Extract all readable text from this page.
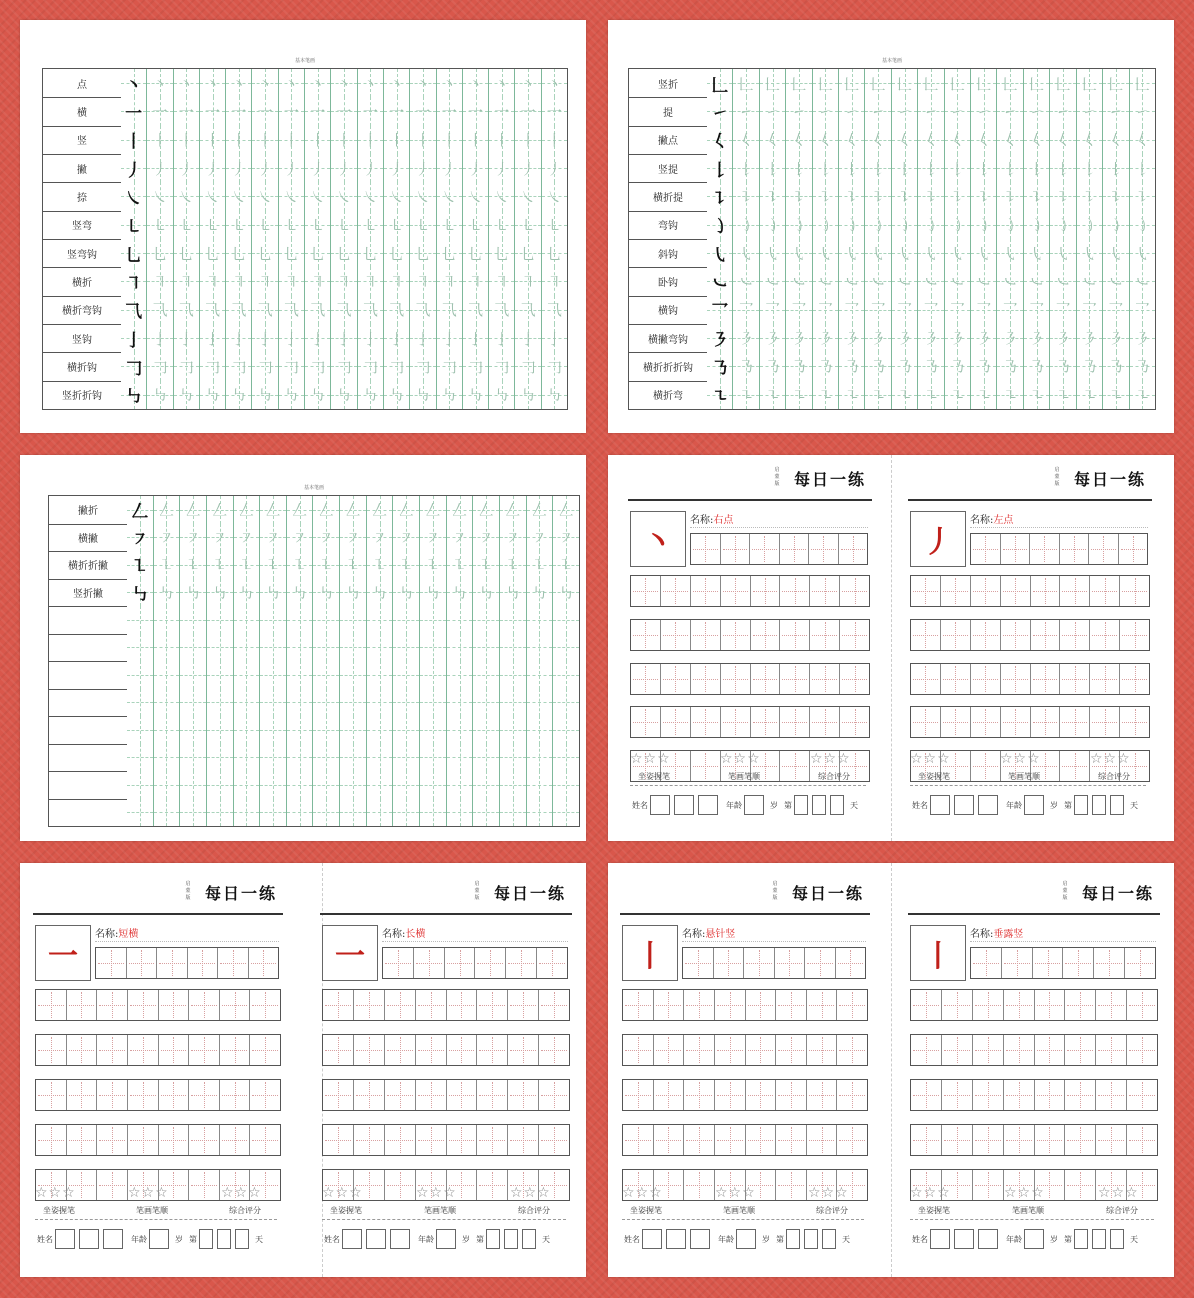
基本笔画
点	丶 丶 丶 丶 丶 丶 丶 丶 丶 丶 丶 丶 丶 丶 丶 丶 丶
横	一 一 一 一 一 一 一 一 一 一 一 一 一 一 一 一 一
竖	丨 丨 丨 丨 丨 丨 丨 丨 丨 丨 丨 丨 丨 丨 丨 丨 丨
撇	丿 丿 丿 丿 丿 丿 丿 丿 丿 丿 丿 丿 丿 丿 丿 丿 丿
捺	㇏ ㇏ ㇏ ㇏ ㇏ ㇏ ㇏ ㇏ ㇏ ㇏ ㇏ ㇏ ㇏ ㇏ ㇏ ㇏ ㇏
竖弯	㇄ ㇄ ㇄ ㇄ ㇄ ㇄ ㇄ ㇄ ㇄ ㇄ ㇄ ㇄ ㇄ ㇄ ㇄ ㇄ ㇄
竖弯钩	乚 乚 乚 乚 乚 乚 乚 乚 乚 乚 乚 乚 乚 乚 乚 乚 乚
横折	㇕ ㇕ ㇕ ㇕ ㇕ ㇕ ㇕ ㇕ ㇕ ㇕ ㇕ ㇕ ㇕ ㇕ ㇕ ㇕ ㇕
横折弯钩	⺄ ⺄ ⺄ ⺄ ⺄ ⺄ ⺄ ⺄ ⺄ ⺄ ⺄ ⺄ ⺄ ⺄ ⺄ ⺄ ⺄
竖钩	亅 亅 亅 亅 亅 亅 亅 亅 亅 亅 亅 亅 亅 亅 亅 亅 亅
横折钩	𠃌 𠃌 𠃌 𠃌 𠃌 𠃌 𠃌 𠃌 𠃌 𠃌 𠃌 𠃌 𠃌 𠃌 𠃌 𠃌 𠃌
竖折折钩	㇉ ㇉ ㇉ ㇉ ㇉ ㇉ ㇉ ㇉ ㇉ ㇉ ㇉ ㇉ ㇉ ㇉ ㇉ ㇉ ㇉
基本笔画
竖折	𠃊 𠃊 𠃊 𠃊 𠃊 𠃊 𠃊 𠃊 𠃊 𠃊 𠃊 𠃊 𠃊 𠃊 𠃊 𠃊 𠃊
提	㇀ ㇀ ㇀ ㇀ ㇀ ㇀ ㇀ ㇀ ㇀ ㇀ ㇀ ㇀ ㇀ ㇀ ㇀ ㇀ ㇀
撇点	𡿨 𡿨 𡿨 𡿨 𡿨 𡿨 𡿨 𡿨 𡿨 𡿨 𡿨 𡿨 𡿨 𡿨 𡿨 𡿨 𡿨
竖提	𠄌 𠄌 𠄌 𠄌 𠄌 𠄌 𠄌 𠄌 𠄌 𠄌 𠄌 𠄌 𠄌 𠄌 𠄌 𠄌 𠄌
横折提	㇊ ㇊ ㇊ ㇊ ㇊ ㇊ ㇊ ㇊ ㇊ ㇊ ㇊ ㇊ ㇊ ㇊ ㇊ ㇊ ㇊
弯钩	㇁ ㇁ ㇁ ㇁ ㇁ ㇁ ㇁ ㇁ ㇁ ㇁ ㇁ ㇁ ㇁ ㇁ ㇁ ㇁ ㇁
斜钩	㇂ ㇂ ㇂ ㇂ ㇂ ㇂ ㇂ ㇂ ㇂ ㇂ ㇂ ㇂ ㇂ ㇂ ㇂ ㇂ ㇂
卧钩	㇃ ㇃ ㇃ ㇃ ㇃ ㇃ ㇃ ㇃ ㇃ ㇃ ㇃ ㇃ ㇃ ㇃ ㇃ ㇃ ㇃
横钩	乛 乛 乛 乛 乛 乛 乛 乛 乛 乛 乛 乛 乛 乛 乛 乛 乛
横撇弯钩	㇋ ㇋ ㇋ ㇋ ㇋ ㇋ ㇋ ㇋ ㇋ ㇋ ㇋ ㇋ ㇋ ㇋ ㇋ ㇋ ㇋
横折折折钩	㇡ ㇡ ㇡ ㇡ ㇡ ㇡ ㇡ ㇡ ㇡ ㇡ ㇡ ㇡ ㇡ ㇡ ㇡ ㇡ ㇡
横折弯	㇍ ㇍ ㇍ ㇍ ㇍ ㇍ ㇍ ㇍ ㇍ ㇍ ㇍ ㇍ ㇍ ㇍ ㇍ ㇍ ㇍
基本笔画
撇折	𠃋 𠃋 𠃋 𠃋 𠃋 𠃋 𠃋 𠃋 𠃋 𠃋 𠃋 𠃋 𠃋 𠃋 𠃋 𠃋 𠃋
横撇	㇇ ㇇ ㇇ ㇇ ㇇ ㇇ ㇇ ㇇ ㇇ ㇇ ㇇ ㇇ ㇇ ㇇ ㇇ ㇇ ㇇
横折折撇	㇅ ㇅ ㇅ ㇅ ㇅ ㇅ ㇅ ㇅ ㇅ ㇅ ㇅ ㇅ ㇅ ㇅ ㇅ ㇅ ㇅
竖折撇	㇉ ㇉ ㇉ ㇉ ㇉ ㇉ ㇉ ㇉ ㇉ ㇉ ㇉ ㇉ ㇉ ㇉ ㇉ ㇉ ㇉
启蒙版 每日一练
丶
名称:右点
☆☆☆
坐姿握笔
☆☆☆
笔画笔顺
☆☆☆
综合评分
姓名	年龄	岁 第	天
启蒙版 每日一练
丿
名称:左点
☆☆☆
坐姿握笔
☆☆☆
笔画笔顺
☆☆☆
综合评分
姓名	年龄	岁 第	天
启蒙版 每日一练
一
名称:短横
☆☆☆
坐姿握笔
☆☆☆
笔画笔顺
☆☆☆
综合评分
姓名	年龄	岁 第	天
启蒙版 每日一练
一
名称:长横
☆☆☆
坐姿握笔
☆☆☆
笔画笔顺
☆☆☆
综合评分
姓名	年龄	岁 第	天
启蒙版 每日一练
丨
名称:悬针竖
☆☆☆
坐姿握笔
☆☆☆
笔画笔顺
☆☆☆
综合评分
姓名	年龄	岁 第	天
启蒙版 每日一练
丨
名称:垂露竖
☆☆☆
坐姿握笔
☆☆☆
笔画笔顺
☆☆☆
综合评分
姓名	年龄	岁 第	天
